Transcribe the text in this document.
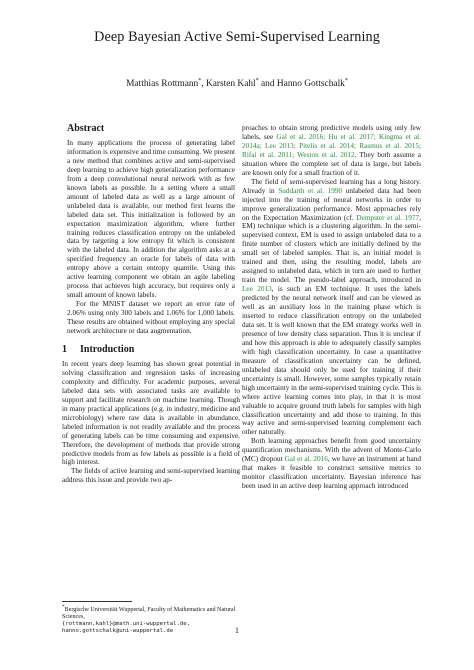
Deep Bayesian Active Semi-Supervised Learning
Matthias Rottmann*, Karsten Kahl* and Hanno Gottschalk*
Abstract

In many applications the process of generating label information is expensive and time consuming. We present a new method that combines active and semi-supervised deep learning to achieve high generalization performance from a deep convolutional neural network with as few known labels as possible. In a setting where a small amount of labeled data as well as a large amount of unlabeled data is available, our method first learns the labeled data set. This initialization is followed by an expectation maximization algorithm, where further training reduces classification entropy on the unlabeled data by targeting a low entropy fit which is consistent with the labeled data. In addition the algorithm asks at a specified frequency an oracle for labels of data with entropy above a certain entropy quantile. Using this active learning component we obtain an agile labeling process that achieves high accuracy, but requires only a small amount of known labels.

For the MNIST dataset we report an error rate of 2.06% using only 300 labels and 1.06% for 1,000 labels. These results are obtained without employing any special network architecture or data augmentation.

1 Introduction

In recent years deep learning has shown great potential in solving classification and regression tasks of increasing complexity and difficulty. For academic purposes, several labeled data sets with associated tasks are available to support and facilitate research on machine learning. Though in many practical applications (e.g. in industry, medicine and microbiology) where raw data is available in abundance, labeled information is not readily available and the process of generating labels can be time consuming and expensive. Therefore, the development of methods that provide strong predictive models from as few labels as possible is a field of high interest.

The fields of active learning and semi-supervised learning address this issue and provide two ap-

proaches to obtain strong predictive models using only few labels, see Gal et al. 2016; Hu et al. 2017; Kingma et al. 2014a; Lee 2013; Pitelis et al. 2014; Rasmus et al. 2015; Rifai et al. 2011; Weston et al. 2012. They both assume a situation where the complete set of data is large, but labels are known only for a small fraction of it.

The field of semi-supervised learning has a long history. Already in Suddarth et al. 1990 unlabeled data had been injected into the training of neural networks in order to improve generalization performance. Most approaches rely on the Expectation Maximization (cf. Dempster et al. 1977, EM) technique which is a clustering algorithm. In the semi-supervised context, EM is used to assign unlabeled data to a finite number of clusters which are initially defined by the small set of labeled samples. That is, an initial model is trained and then, using the resulting model, labels are assigned to unlabeled data, which in turn are used to further train the model. The pseudo-label approach, introduced in Lee 2013, is such an EM technique. It uses the labels predicted by the neural network itself and can be viewed as well as an auxiliary loss in the training phase which is inserted to reduce classification entropy on the unlabeled data set. It is well known that the EM strategy works well in presence of low density class separation. Thus it is unclear if and how this approach is able to adequately classify samples with high classification uncertainty. In case a quantitative measure of classification uncertainty can be defined, unlabeled data should only be used for training if their uncertainty is small. However, some samples typically retain high uncertainty in the semi-supervised training cycle. This is where active learning comes into play, in that it is most valuable to acquire ground truth labels for samples with high classification uncertainty and add those to training. In this way active and semi-supervised learning complement each other naturally.

Both learning approaches benefit from good uncertainty quantification mechanisms. With the advent of Monte-Carlo (MC) dropout Gal et al. 2016, we have an instrument at hand that makes it feasible to construct sensitive metrics to monitor classification uncertainty. Bayesian inference has been used in an active deep learning approach introduced

*Bergische Universität Wuppertal, Faculty of Mathematics and Natural Sciences,
{rottmann,kahl}@math.uni-wuppertal.de,
hanno.gottschalk@uni-wuppertal.de	1
